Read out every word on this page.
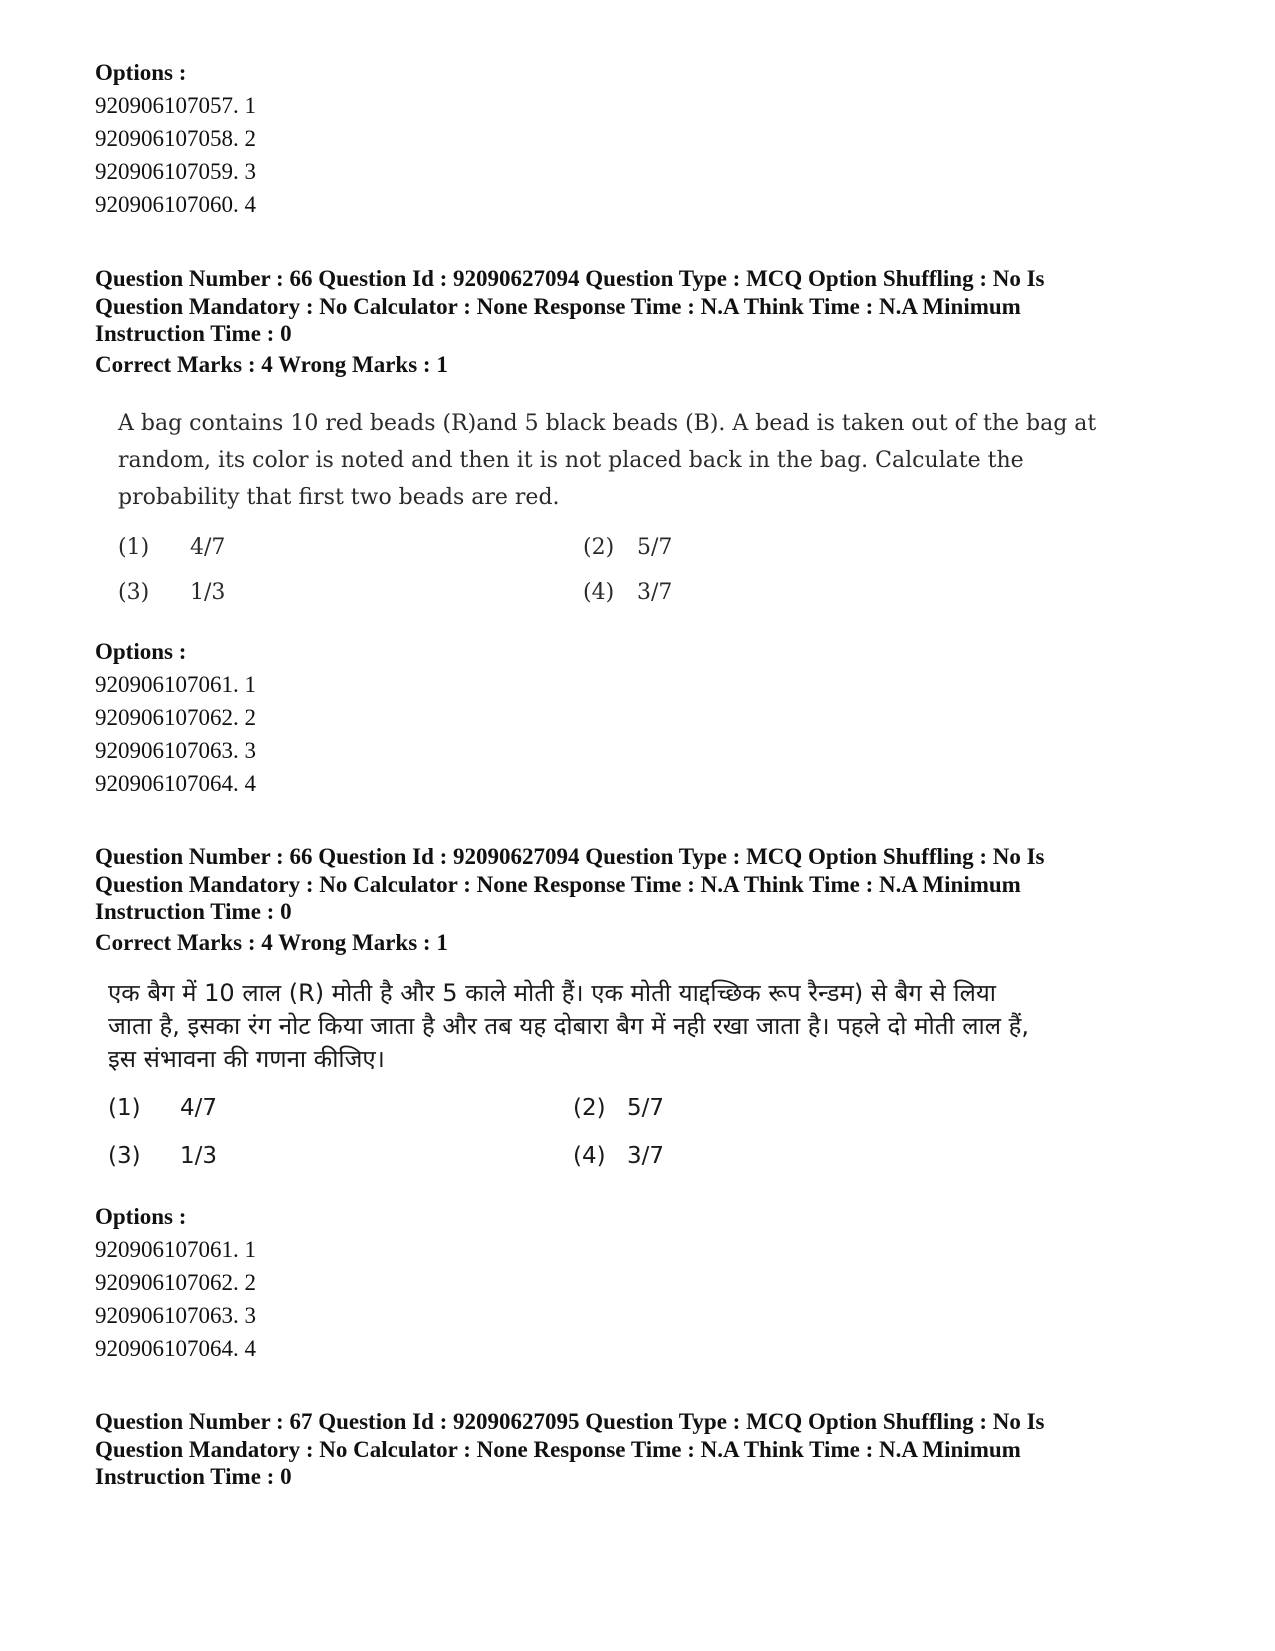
Options :
920906107057. 1
920906107058. 2
920906107059. 3
920906107060. 4
Question Number : 66 Question Id : 92090627094 Question Type : MCQ Option Shuffling : No Is
Question Mandatory : No Calculator : None Response Time : N.A Think Time : N.A Minimum
Instruction Time : 0
Correct Marks : 4 Wrong Marks : 1
A bag contains 10 red beads (R)and 5 black beads (B). A bead is taken out of the bag at random, its color is noted and then it is not placed back in the bag. Calculate the probability that first two beads are red.
(1) 4/7	(2) 5/7
(3) 1/3	(4) 3/7
Options :
920906107061. 1
920906107062. 2
920906107063. 3
920906107064. 4
Question Number : 66 Question Id : 92090627094 Question Type : MCQ Option Shuffling : No Is
Question Mandatory : No Calculator : None Response Time : N.A Think Time : N.A Minimum
Instruction Time : 0
Correct Marks : 4 Wrong Marks : 1
एक बैग में 10 लाल (R) मोती है और 5 काले मोती हैं। एक मोती याद्दच्छिक रूप रैन्डम) से बैग से लिया
जाता है, इसका रंग नोट किया जाता है और तब यह दोबारा बैग में नही रखा जाता है। पहले दो मोती लाल हैं,
इस संभावना की गणना कीजिए।
(1) 4/7	(2) 5/7
(3) 1/3	(4) 3/7
Options :
920906107061. 1
920906107062. 2
920906107063. 3
920906107064. 4
Question Number : 67 Question Id : 92090627095 Question Type : MCQ Option Shuffling : No Is
Question Mandatory : No Calculator : None Response Time : N.A Think Time : N.A Minimum
Instruction Time : 0
